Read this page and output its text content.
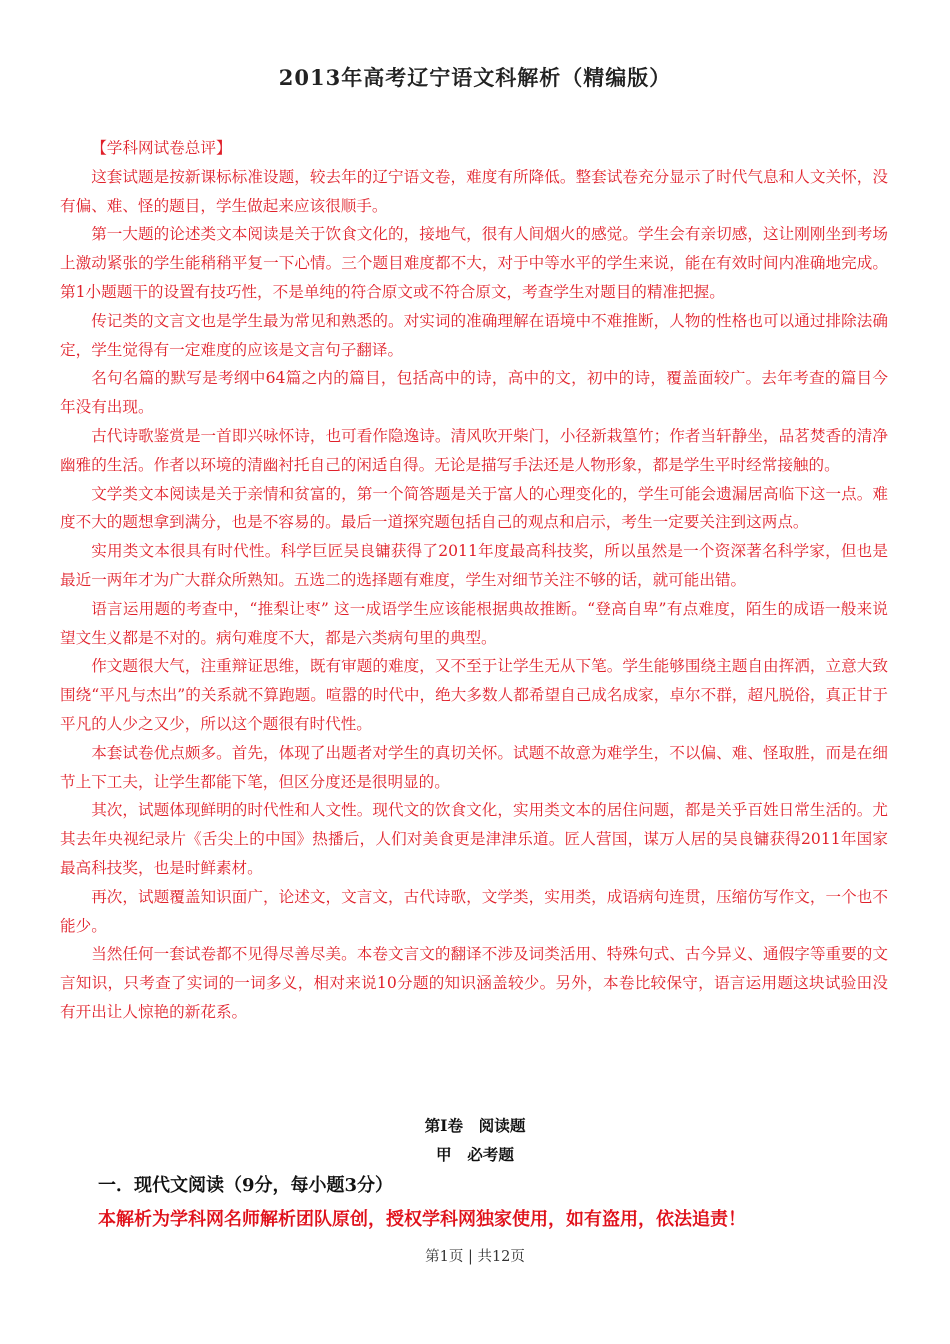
2013年高考辽宁语文科解析（精编版）

【学科网试卷总评】

这套试题是按新课标标准设题，较去年的辽宁语文卷，难度有所降低。整套试卷充分显示了时代气息和人文关怀，没有偏、难、怪的题目，学生做起来应该很顺手。

第一大题的论述类文本阅读是关于饮食文化的，接地气，很有人间烟火的感觉。学生会有亲切感，这让刚刚坐到考场上激动紧张的学生能稍稍平复一下心情。三个题目难度都不大，对于中等水平的学生来说，能在有效时间内准确地完成。第1小题题干的设置有技巧性，不是单纯的符合原文或不符合原文，考查学生对题目的精准把握。

传记类的文言文也是学生最为常见和熟悉的。对实词的准确理解在语境中不难推断，人物的性格也可以通过排除法确定，学生觉得有一定难度的应该是文言句子翻译。

名句名篇的默写是考纲中64篇之内的篇目，包括高中的诗，高中的文，初中的诗，覆盖面较广。去年考查的篇目今年没有出现。

古代诗歌鉴赏是一首即兴咏怀诗，也可看作隐逸诗。清风吹开柴门，小径新栽篁竹；作者当轩静坐，品茗焚香的清净幽雅的生活。作者以环境的清幽衬托自己的闲适自得。无论是描写手法还是人物形象，都是学生平时经常接触的。

文学类文本阅读是关于亲情和贫富的，第一个简答题是关于富人的心理变化的，学生可能会遗漏居高临下这一点。难度不大的题想拿到满分，也是不容易的。最后一道探究题包括自己的观点和启示，考生一定要关注到这两点。

实用类文本很具有时代性。科学巨匠吴良镛获得了2011年度最高科技奖，所以虽然是一个资深著名科学家，但也是最近一两年才为广大群众所熟知。五选二的选择题有难度，学生对细节关注不够的话，就可能出错。

语言运用题的考查中，“推梨让枣” 这一成语学生应该能根据典故推断。“登高自卑”有点难度，陌生的成语一般来说望文生义都是不对的。病句难度不大，都是六类病句里的典型。

作文题很大气，注重辩证思维，既有审题的难度，又不至于让学生无从下笔。学生能够围绕主题自由挥洒，立意大致围绕“平凡与杰出”的关系就不算跑题。喧嚣的时代中，绝大多数人都希望自己成名成家，卓尔不群，超凡脱俗，真正甘于平凡的人少之又少，所以这个题很有时代性。

本套试卷优点颇多。首先，体现了出题者对学生的真切关怀。试题不故意为难学生，不以偏、难、怪取胜，而是在细节上下工夫，让学生都能下笔，但区分度还是很明显的。

其次，试题体现鲜明的时代性和人文性。现代文的饮食文化，实用类文本的居住问题，都是关乎百姓日常生活的。尤其去年央视纪录片《舌尖上的中国》热播后，人们对美食更是津津乐道。匠人营国，谋万人居的吴良镛获得2011年国家最高科技奖，也是时鲜素材。

再次，试题覆盖知识面广，论述文，文言文，古代诗歌，文学类，实用类，成语病句连贯，压缩仿写作文，一个也不能少。

当然任何一套试卷都不见得尽善尽美。本卷文言文的翻译不涉及词类活用、特殊句式、古今异义、通假字等重要的文言知识，只考查了实词的一词多义，相对来说10分题的知识涵盖较少。另外，本卷比较保守，语言运用题这块试验田没有开出让人惊艳的新花系。

第Ⅰ卷　阅读题
甲　必考题
一．现代文阅读（9分，每小题3分）
本解析为学科网名师解析团队原创，授权学科网独家使用，如有盗用，依法追责！
第1页 | 共12页
